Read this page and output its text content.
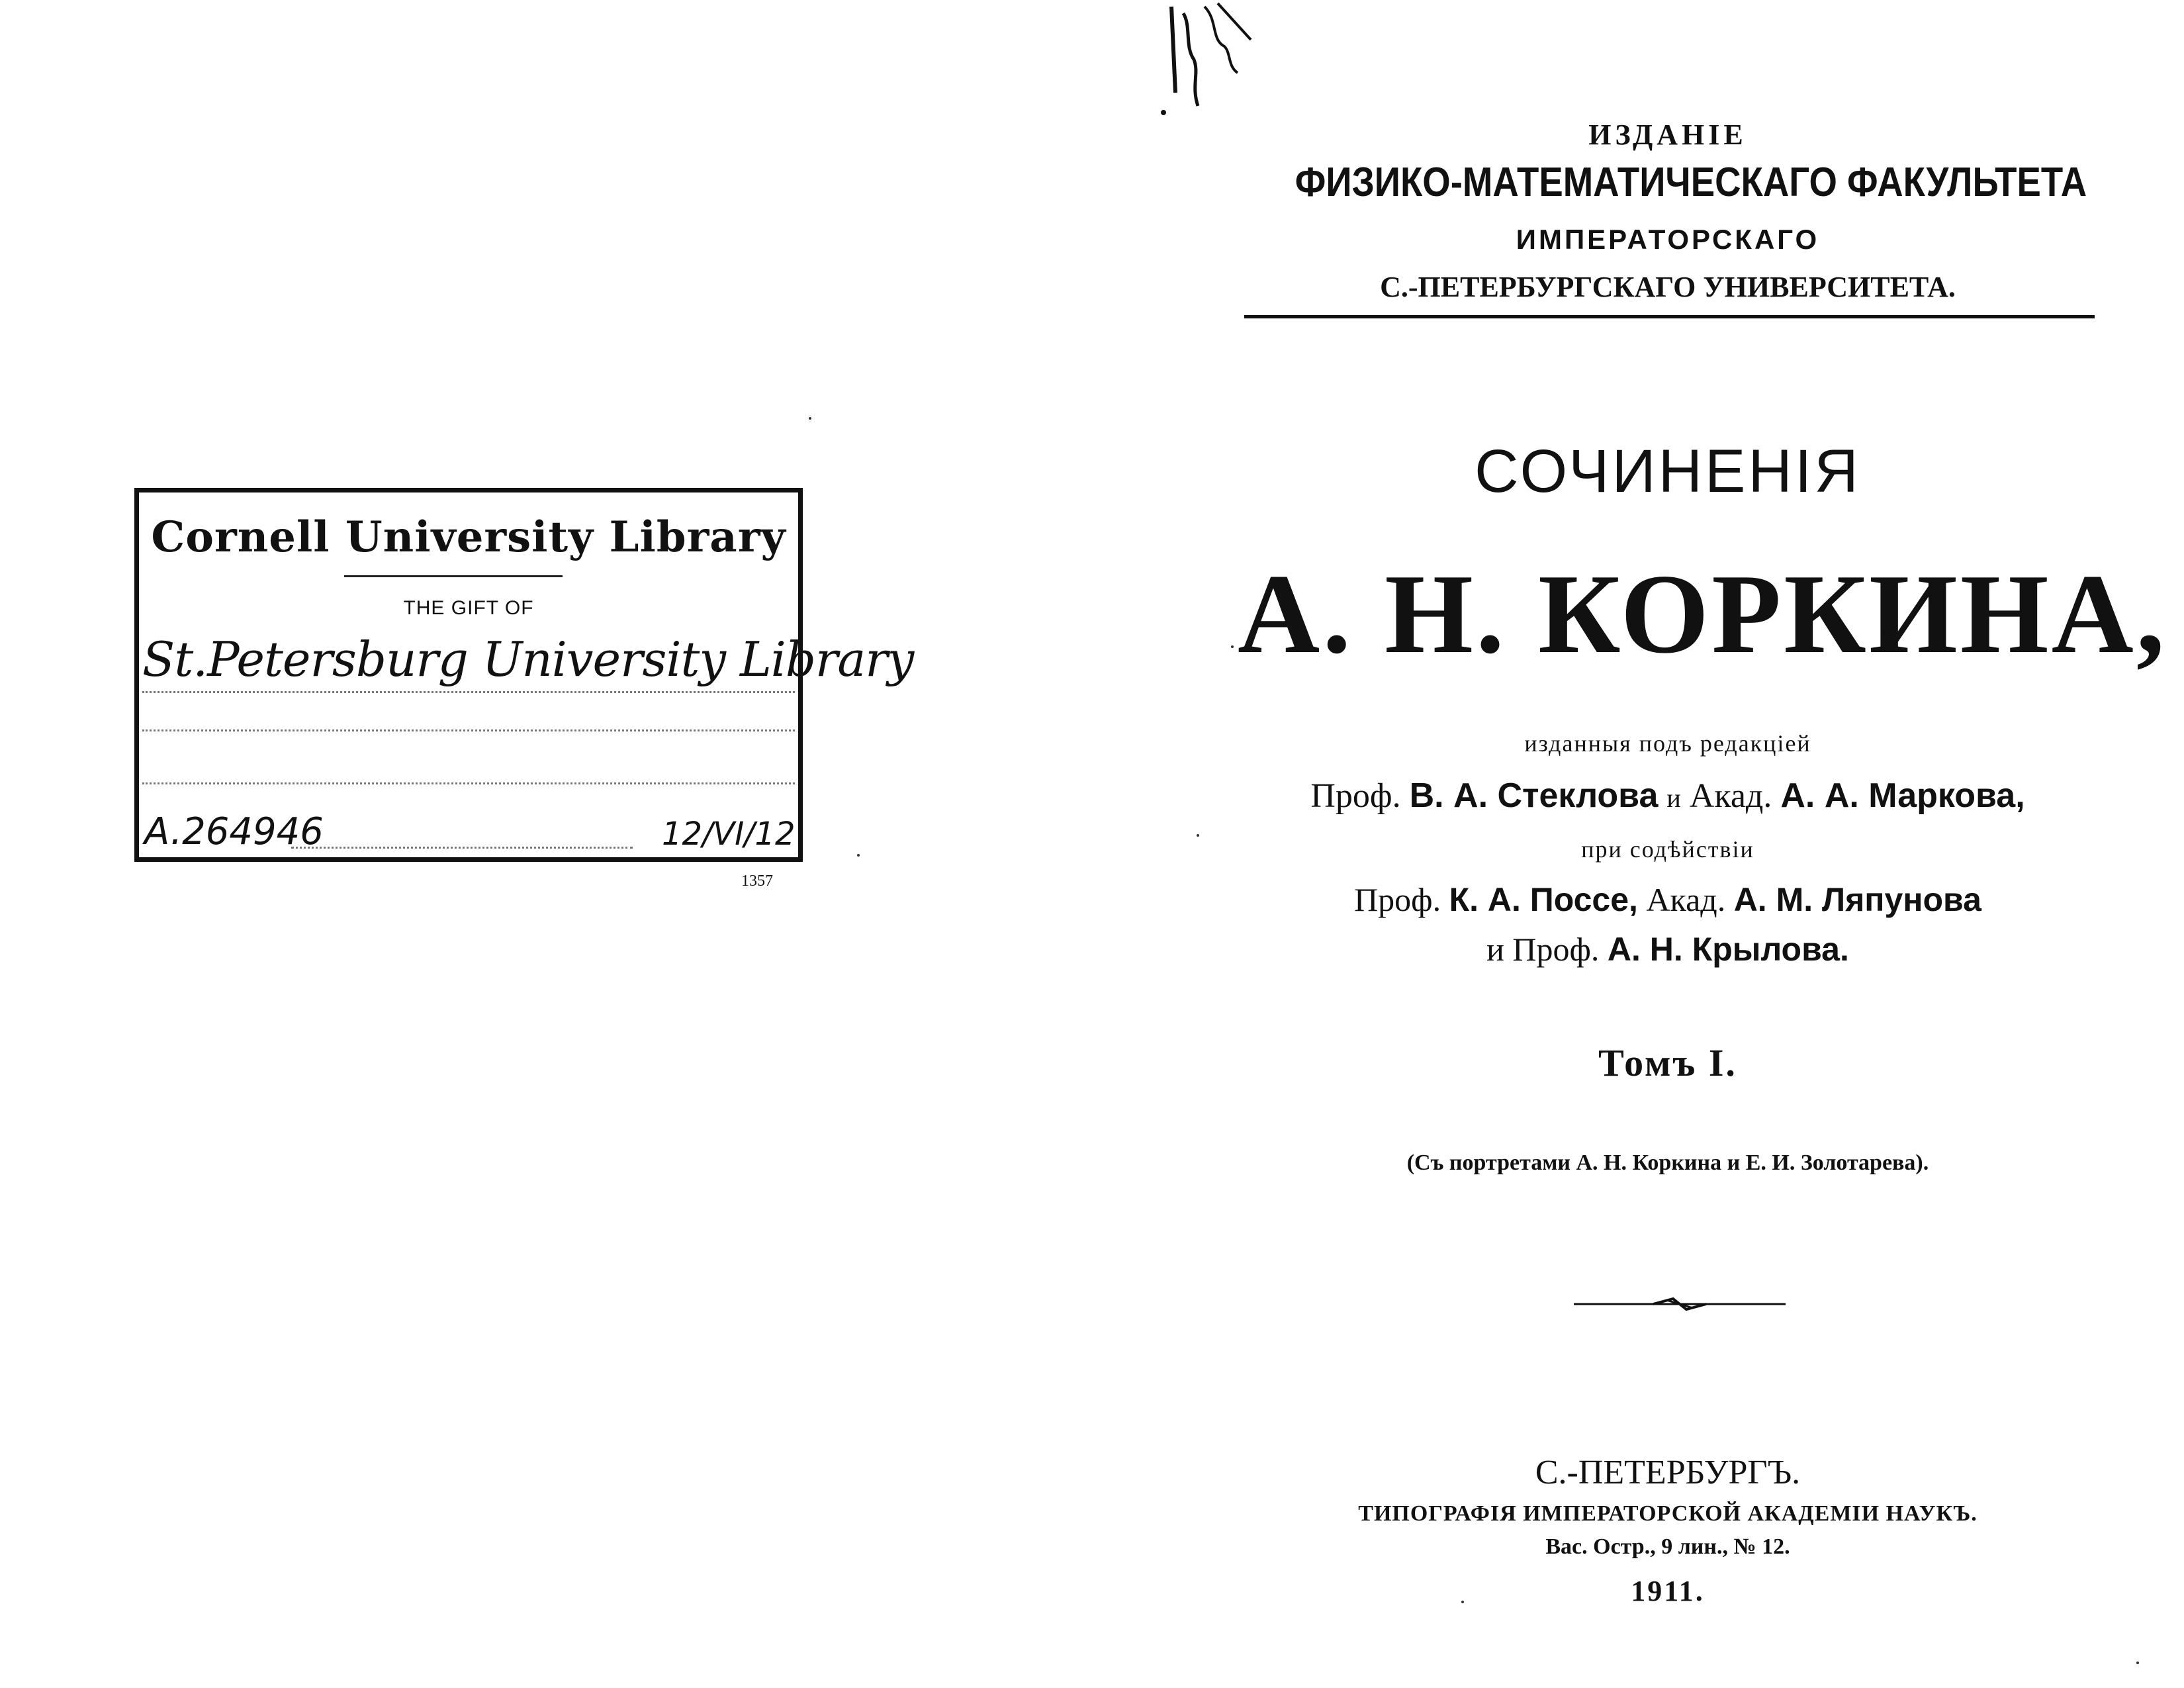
Cornell University Library
THE GIFT OF
St.Petersburg University Library
A.264946	12/VI/12
1357
ИЗДАНІЕ
ФИЗИКО-МАТЕМАТИЧЕСКАГО ФАКУЛЬТЕТА
ИМПЕРАТОРСКАГО
С.-ПЕТЕРБУРГСКАГО УНИВЕРСИТЕТА.
СОЧИНЕНІЯ
А. Н. КОРКИНА,
изданныя подъ редакціей
Проф. В. А. Стеклова и Акад. А. А. Маркова,
при содѣйствіи
Проф. К. А. Поссе, Акад. А. М. Ляпунова
и Проф. А. Н. Крылова.
Томъ I.
(Съ портретами А. Н. Коркина и Е. И. Золотарева).
С.-ПЕТЕРБУРГЪ.
ТИПОГРАФІЯ ИМПЕРАТОРСКОЙ АКАДЕМІИ НАУКЪ.
Вас. Остр., 9 лин., № 12.
1911.
